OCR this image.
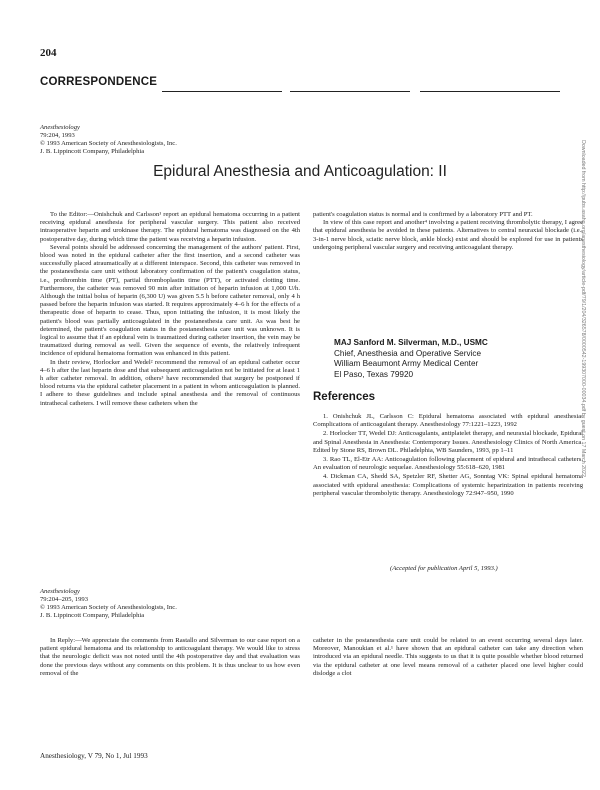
204
CORRESPONDENCE
Anesthesiology
79:204, 1993
© 1993 American Society of Anesthesiologists, Inc.
J. B. Lippincott Company, Philadelphia
Epidural Anesthesia and Anticoagulation: II

To the Editor:—Onishchuk and Carlsson¹ report an epidural hematoma occurring in a patient receiving epidural anesthesia for peripheral vascular surgery. This patient also received intraoperative heparin and urokinase therapy. The epidural hematoma was diagnosed on the 4th postoperative day, during which time the patient was receiving a heparin infusion.

Several points should be addressed concerning the management of the authors' patient. First, blood was noted in the epidural catheter after the first insertion, and a second catheter was successfully placed atraumatically at a different interspace. Second, this catheter was removed in the postanesthesia care unit without laboratory confirmation of the patient's coagulation status, i.e., prothrombin time (PT), partial thromboplastin time (PTT), or activated clotting time. Furthermore, the catheter was removed 90 min after initiation of heparin infusion at 1,000 U/h. Although the initial bolus of heparin (6,300 U) was given 5.5 h before catheter removal, only 4 h passed before the heparin infusion was started. It requires approximately 4–6 h for the effects of a therapeutic dose of heparin to cease. Thus, upon initiating the infusion, it is most likely the patient's blood was partially anticoagulated in the postanesthesia care unit. As was best he determined, the patient's coagulation status in the postanesthesia care unit was unknown. It is logical to assume that if an epidural vein is traumatized during catheter insertion, the vein may be traumatized during removal as well. Given the sequence of events, the relatively infrequent incidence of epidural hematoma formation was enhanced in this patient.

In their review, Horlocker and Wedel² recommend the removal of an epidural catheter occur 4–6 h after the last heparin dose and that subsequent anticoagulation not be initiated for at least 1 h after catheter removal. In addition, others³ have recommended that surgery be postponed if blood returns via the epidural catheter placement in a patient in whom anticoagulation is planned. I adhere to these guidelines and include spinal anesthesia and the removal of continuous intrathecal catheters. I will remove these catheters when the

patient's coagulation status is normal and is confirmed by a laboratory PTT and PT.

In view of this case report and another⁴ involving a patient receiving thrombolytic therapy, I agree that epidural anesthesia be avoided in these patients. Alternatives to central neuraxial blockade (i.e., 3-in-1 nerve block, sciatic nerve block, ankle block) exist and should be explored for use in patients undergoing peripheral vascular surgery and receiving anticoagulant therapy.

MAJ Sanford M. Silverman, M.D., USMC
Chief, Anesthesia and Operative Service
William Beaumont Army Medical Center
El Paso, Texas 79920
References

1. Onishchuk JL, Carlsson C: Epidural hematoma associated with epidural anesthesia: Complications of anticoagulant therapy. Anesthesiology 77:1221–1223, 1992

2. Horlocker TT, Wedel DJ: Anticoagulants, antiplatelet therapy, and neuraxial blockade, Epidural and Spinal Anesthesia in Anesthesia: Contemporary Issues. Anesthesiology Clinics of North America. Edited by Stone RS, Brown DL. Philadelphia, WB Saunders, 1993, pp 1–11

3. Rao TL, El-Etr AA: Anticoagulation following placement of epidural and intrathecal catheters. An evaluation of neurologic sequelae. Anesthesiology 55:618–620, 1981

4. Dickman CA, Shedd SA, Spetzler RF, Shetter AG, Sonntag VK: Spinal epidural hematoma associated with epidural anesthesia: Complications of systemic heparinization in patients receiving peripheral vascular thrombolytic therapy. Anesthesiology 72:947–950, 1990

(Accepted for publication April 5, 1993.)
Anesthesiology
79:204–205, 1993
© 1993 American Society of Anesthesiologists, Inc.
J. B. Lippincott Company, Philadelphia

In Reply:—We appreciate the comments from Rastallo and Silverman to our case report on a patient epidural hematoma and its relationship to anticoagulant therapy. We would like to stress that the neurologic deficit was not noted until the 4th postoperative day and that evaluation was done the previous days without any comments on this problem. It is thus unclear to us how even removal of the

catheter in the postanesthesia care unit could be related to an event occurring several days later. Moreover, Manoukian et al.¹ have shown that an epidural catheter can take any direction when introduced via an epidural needle. This suggests to us that it is quite possible whether blood returned via the epidural catheter at one level means removal of a catheter placed one level higher could dislodge a clot

Anesthesiology, V 79, No 1, Jul 1993
Downloaded from http://pubs.asahq.org/anesthesiology/article-pdf/79/1/204/326578/0000542-199307000-00034.pdf by guest on 17 March 2022
